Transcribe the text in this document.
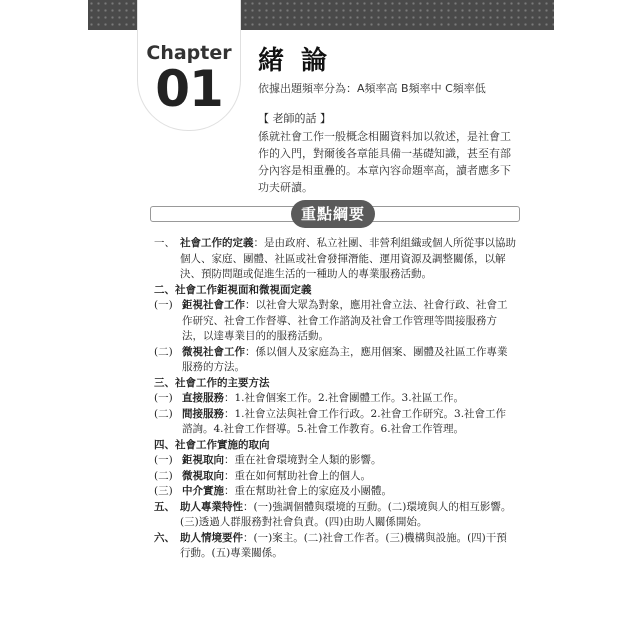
Chapter
01	緒 論
依據出題頻率分為：A頻率高 B頻率中 C頻率低
【 老師的話 】
係就社會工作一般概念相關資料加以敘述，是社會工作的入門，對爾後各章能具備一基礎知識，甚至有部分內容是相重疊的。本章內容命題率高，讀者應多下功夫研讀。
重點綱要
一、 社會工作的定義：是由政府、私立社團、非營利組織或個人所從事以協助個人、家庭、團體、社區或社會發揮潛能、運用資源及調整關係，以解決、預防問題或促進生活的一種助人的專業服務活動。
二、社會工作鉅視面和微視面定義
(一) 鉅視社會工作：以社會大眾為對象，應用社會立法、社會行政、社會工作研究、社會工作督導、社會工作諮詢及社會工作管理等間接服務方法，以達專業目的的服務活動。
(二) 微視社會工作：係以個人及家庭為主，應用個案、團體及社區工作專業服務的方法。
三、社會工作的主要方法
(一) 直接服務：1.社會個案工作。2.社會團體工作。3.社區工作。
(二) 間接服務：1.社會立法與社會工作行政。2.社會工作研究。3.社會工作諮詢。4.社會工作督導。5.社會工作教育。6.社會工作管理。
四、社會工作實施的取向
(一) 鉅視取向：重在社會環境對全人類的影響。
(二) 微視取向：重在如何幫助社會上的個人。
(三) 中介實施：重在幫助社會上的家庭及小團體。
五、 助人專業特性：(一)強調個體與環境的互動。(二)環境與人的相互影響。(三)透過人群服務對社會負責。(四)由助人關係開始。
六、 助人情境要件：(一)案主。(二)社會工作者。(三)機構與設施。(四)干預行動。(五)專業關係。
